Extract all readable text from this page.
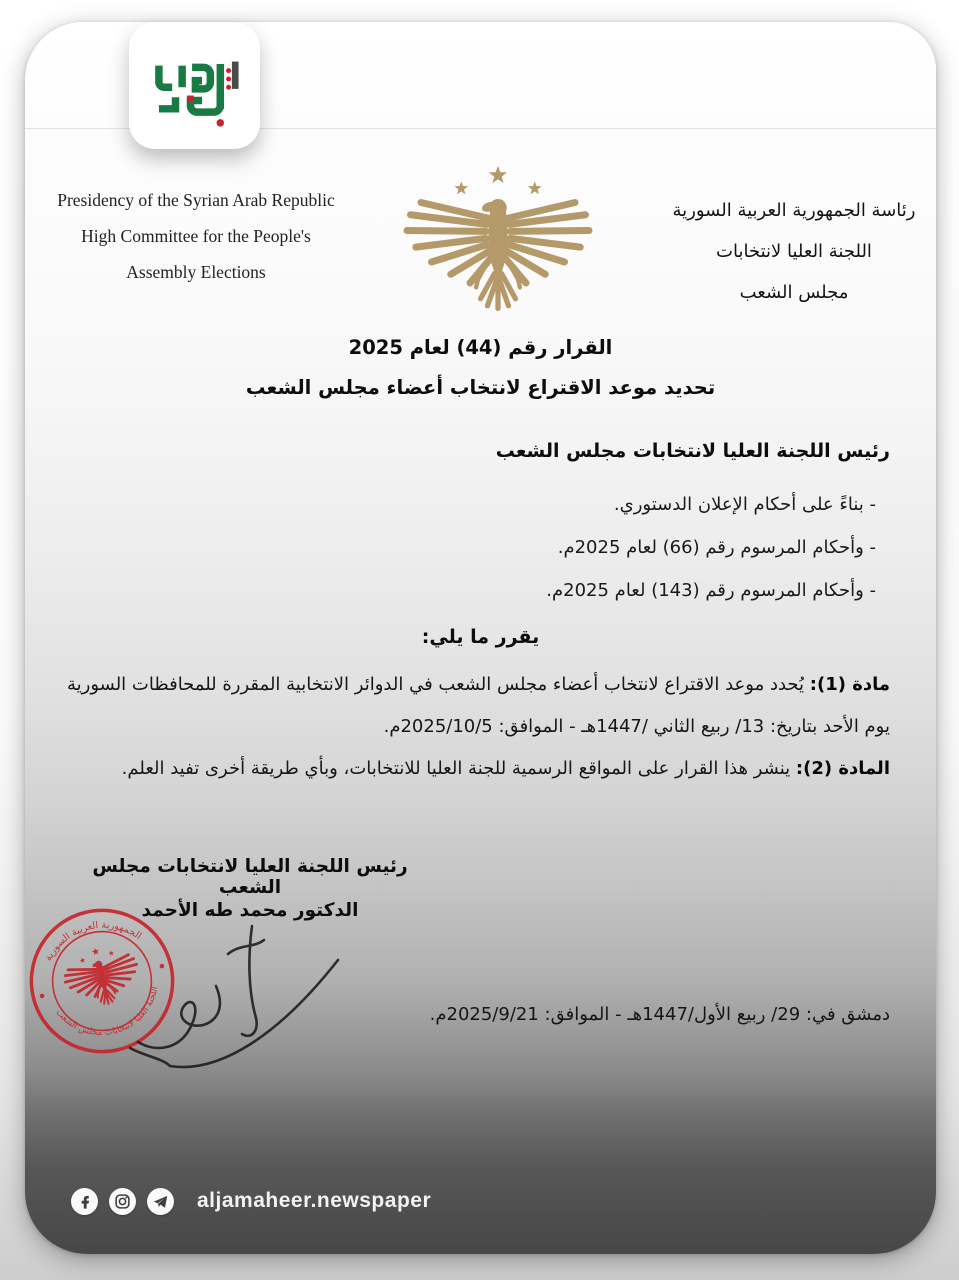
Presidency of the Syrian Arab Republic
High Committee for the People's
Assembly Elections
رئاسة الجمهورية العربية السورية
اللجنة العليا لانتخابات
مجلس الشعب
القرار رقم (44) لعام 2025
تحديد موعد الاقتراع لانتخاب أعضاء مجلس الشعب
رئيس اللجنة العليا لانتخابات مجلس الشعب
- بناءً على أحكام الإعلان الدستوري.
- وأحكام المرسوم رقم (66) لعام 2025م.
- وأحكام المرسوم رقم (143) لعام 2025م.
يقرر ما يلي:

مادة (1): يُحدد موعد الاقتراع لانتخاب أعضاء مجلس الشعب في الدوائر الانتخابية المقررة للمحافظات السورية يوم الأحد بتاريخ: 13/ ربيع الثاني /1447هـ - الموافق: 2025/10/5م.

المادة (2): ينشر هذا القرار على المواقع الرسمية للجنة العليا للانتخابات، وبأي طريقة أخرى تفيد العلم.

رئيس اللجنة العليا لانتخابات مجلس الشعب
الدكتور محمد طه الأحمد
الجمهورية العربية السورية
اللجنة العليا لانتخابات مجلس الشعب
دمشق في: 29/ ربيع الأول/1447هـ - الموافق: 2025/9/21م.
aljamaheer.newspaper
